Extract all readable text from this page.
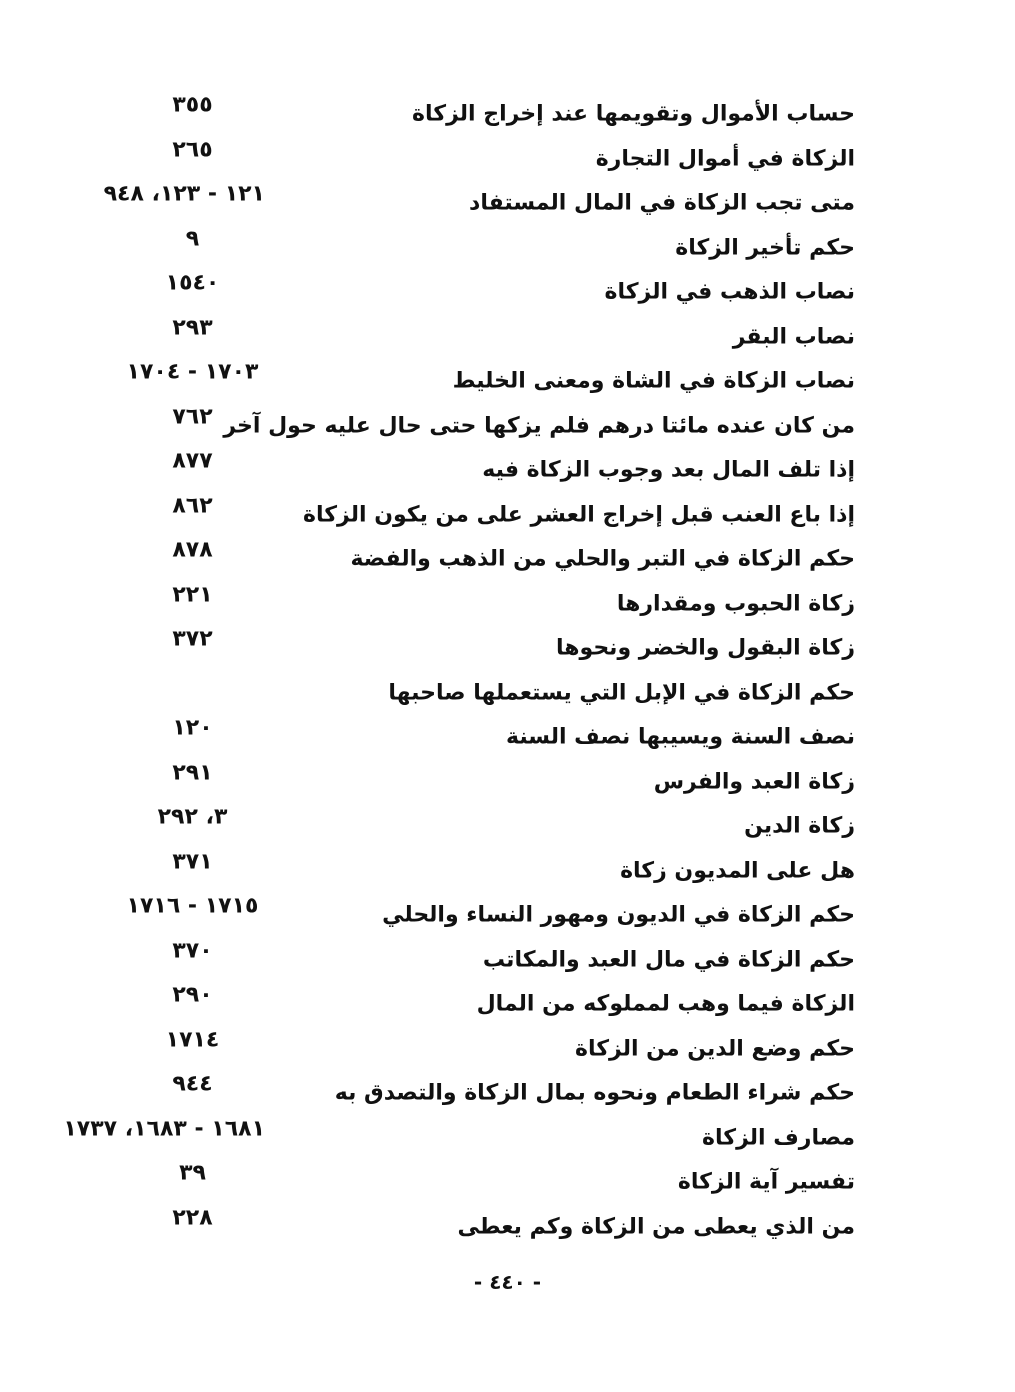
حساب الأموال وتقويمها عند إخراج الزكاة
٣٥٥
الزكاة في أموال التجارة
٢٦٥
متى تجب الزكاة في المال المستفاد
١٢١ - ١٢٣، ٩٤٨
حكم تأخير الزكاة
٩
نصاب الذهب في الزكاة
١٥٤٠
نصاب البقر
٢٩٣
نصاب الزكاة في الشاة ومعنى الخليط
١٧٠٣ - ١٧٠٤
من كان عنده مائتا درهم فلم يزكها حتى حال عليه حول آخر
٧٦٢
إذا تلف المال بعد وجوب الزكاة فيه
٨٧٧
إذا باع العنب قبل إخراج العشر على من يكون الزكاة
٨٦٢
حكم الزكاة في التبر والحلي من الذهب والفضة
٨٧٨
زكاة الحبوب ومقدارها
٢٢١
زكاة البقول والخضر ونحوها
٣٧٢
حكم الزكاة في الإبل التي يستعملها صاحبها
نصف السنة ويسيبها نصف السنة
١٢٠
زكاة العبد والفرس
٢٩١
زكاة الدين
٣، ٢٩٢
هل على المديون زكاة
٣٧١
حكم الزكاة في الديون ومهور النساء والحلي
١٧١٥ - ١٧١٦
حكم الزكاة في مال العبد والمكاتب
٣٧٠
الزكاة فيما وهب لمملوكه من المال
٢٩٠
حكم وضع الدين من الزكاة
١٧١٤
حكم شراء الطعام ونحوه بمال الزكاة والتصدق به
٩٤٤
مصارف الزكاة
١٦٨١ - ١٦٨٣، ١٧٣٧
تفسير آية الزكاة
٣٩
من الذي يعطى من الزكاة وكم يعطى
٢٢٨
- ٤٤٠ -
